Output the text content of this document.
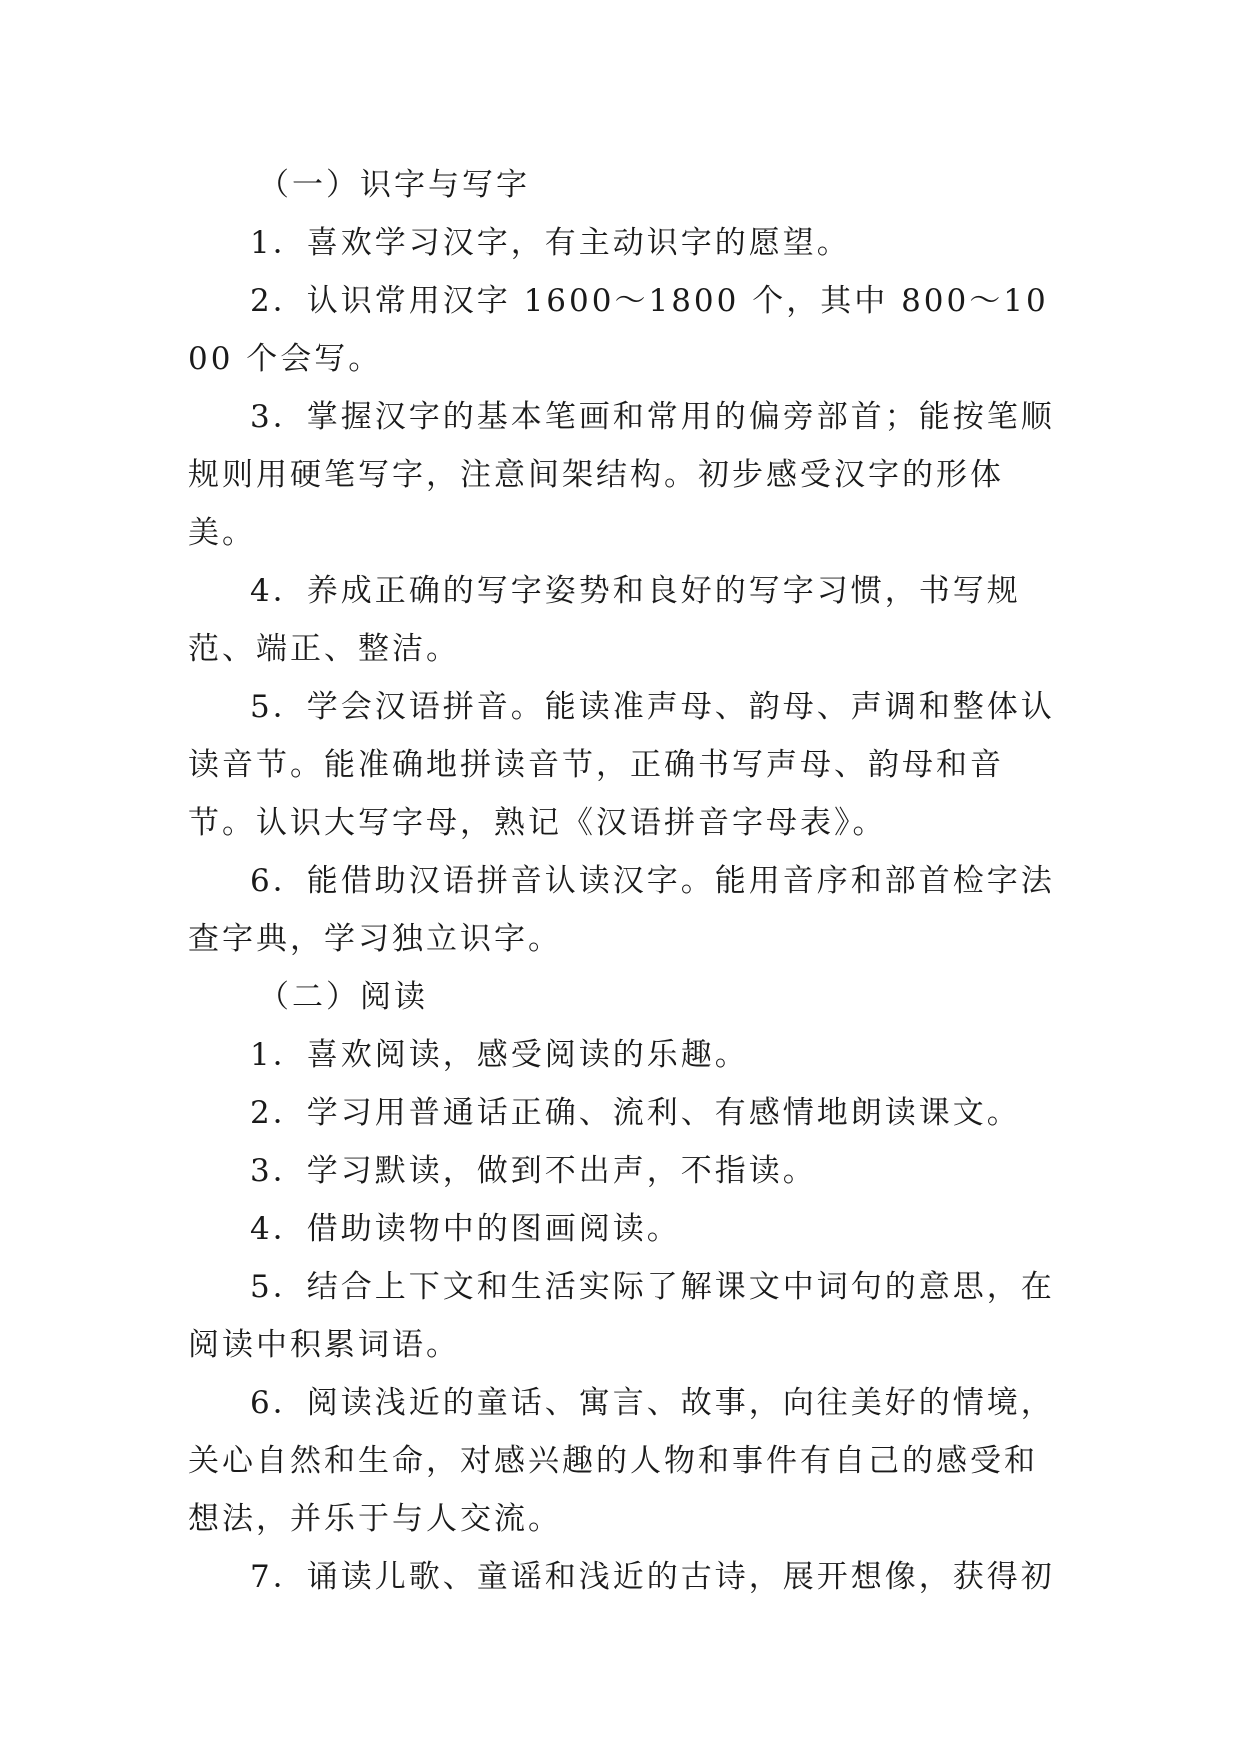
（一）识字与写字

1．喜欢学习汉字，有主动识字的愿望。

2．认识常用汉字 1600～1800 个，其中 800～1000 个会写。

3．掌握汉字的基本笔画和常用的偏旁部首；能按笔顺规则用硬笔写字，注意间架结构。初步感受汉字的形体美。

4．养成正确的写字姿势和良好的写字习惯，书写规范、端正、整洁。

5．学会汉语拼音。能读准声母、韵母、声调和整体认读音节。能准确地拼读音节，正确书写声母、韵母和音节。认识大写字母，熟记《汉语拼音字母表》。

6．能借助汉语拼音认读汉字。能用音序和部首检字法查字典，学习独立识字。

（二）阅读

1．喜欢阅读，感受阅读的乐趣。

2．学习用普通话正确、流利、有感情地朗读课文。

3．学习默读，做到不出声，不指读。

4．借助读物中的图画阅读。

5．结合上下文和生活实际了解课文中词句的意思，在阅读中积累词语。

6．阅读浅近的童话、寓言、故事，向往美好的情境，关心自然和生命，对感兴趣的人物和事件有自己的感受和想法，并乐于与人交流。

7．诵读儿歌、童谣和浅近的古诗，展开想像，获得初
